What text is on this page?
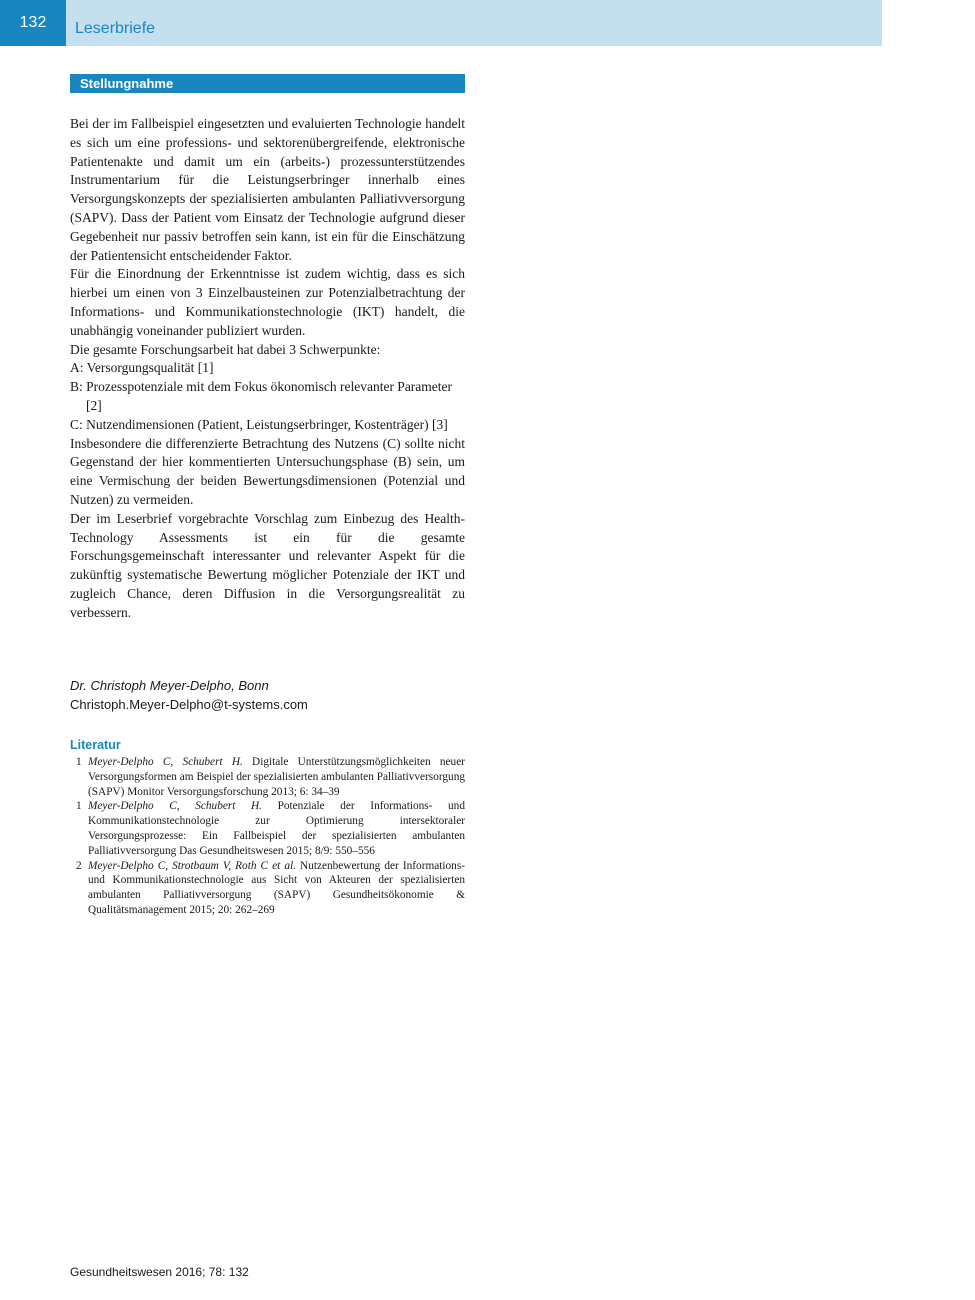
132	Leserbriefe
Stellungnahme

Bei der im Fallbeispiel eingesetzten und evaluierten Technologie handelt es sich um eine professions- und sektorenübergreifende, elektronische Patientenakte und damit um ein (arbeits-) prozessunterstützendes Instrumentarium für die Leistungserbringer innerhalb eines Versorgungskonzepts der spezialisierten ambulanten Palliativversorgung (SAPV). Dass der Patient vom Einsatz der Technologie aufgrund dieser Gegebenheit nur passiv betroffen sein kann, ist ein für die Einschätzung der Patientensicht entscheidender Faktor.

Für die Einordnung der Erkenntnisse ist zudem wichtig, dass es sich hierbei um einen von 3 Einzelbausteinen zur Potenzialbetrachtung der Informations- und Kommunikationstechnologie (IKT) handelt, die unabhängig voneinander publiziert wurden.

Die gesamte Forschungsarbeit hat dabei 3 Schwerpunkte:

A: Versorgungsqualität [1]

B: Prozesspotenziale mit dem Fokus ökonomisch relevanter Parameter [2]

C: Nutzendimensionen (Patient, Leistungserbringer, Kostenträger) [3]

Insbesondere die differenzierte Betrachtung des Nutzens (C) sollte nicht Gegenstand der hier kommentierten Untersuchungsphase (B) sein, um eine Vermischung der beiden Bewertungsdimensionen (Potenzial und Nutzen) zu vermeiden.

Der im Leserbrief vorgebrachte Vorschlag zum Einbezug des Health-Technology Assessments ist ein für die gesamte Forschungsgemeinschaft interessanter und relevanter Aspekt für die zukünftig systematische Bewertung möglicher Potenziale der IKT und zugleich Chance, deren Diffusion in die Versorgungsrealität zu verbessern.

Dr. Christoph Meyer-Delpho, Bonn
Christoph.Meyer-Delpho@t-systems.com
Literatur
1 Meyer-Delpho C, Schubert H. Digitale Unterstützungsmöglichkeiten neuer Versorgungsformen am Beispiel der spezialisierten ambulanten Palliativversorgung (SAPV) Monitor Versorgungsforschung 2013; 6: 34–39
1 Meyer-Delpho C, Schubert H. Potenziale der Informations- und Kommunikationstechnologie zur Optimierung intersektoraler Versorgungsprozesse: Ein Fallbeispiel der spezialisierten ambulanten Palliativversorgung Das Gesundheitswesen 2015; 8/9: 550–556
2 Meyer-Delpho C, Strotbaum V, Roth C et al. Nutzenbewertung der Informations- und Kommunikationstechnologie aus Sicht von Akteuren der spezialisierten ambulanten Palliativversorgung (SAPV) Gesundheitsökonomie & Qualitätsmanagement 2015; 20: 262–269
Gesundheitswesen 2016; 78: 132
